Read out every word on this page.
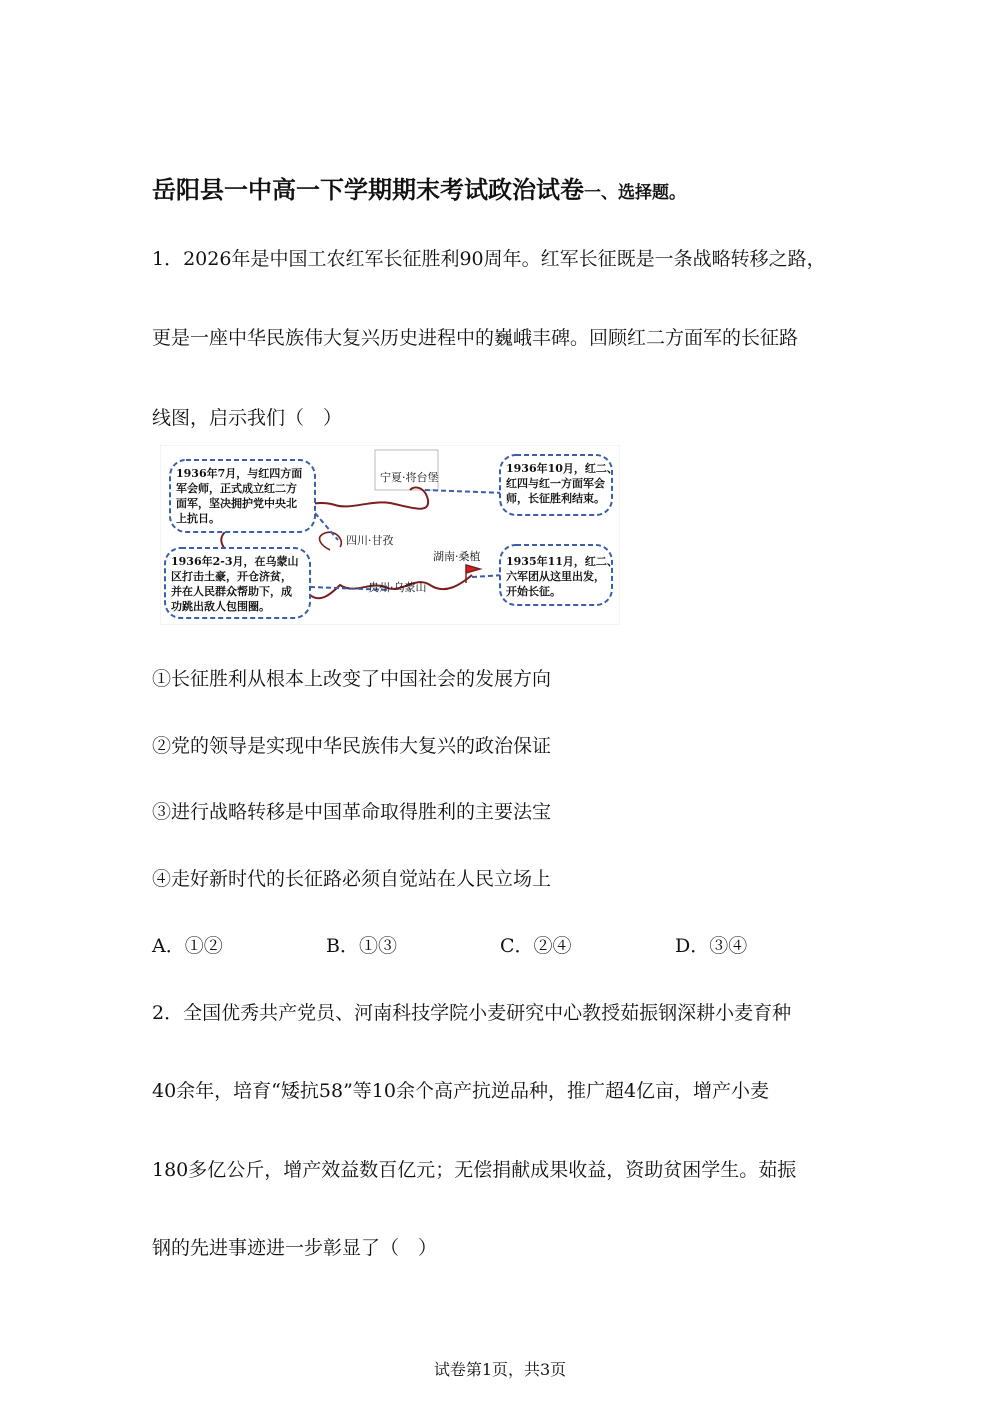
岳阳县一中高一下学期期末考试政治试卷一、选择题。
1．2026年是中国工农红军长征胜利90周年。红军长征既是一条战略转移之路，
更是一座中华民族伟大复兴历史进程中的巍峨丰碑。回顾红二方面军的长征路
线图，启示我们（　）
1936年7月，与红四方面
军会师，正式成立红二方
面军，坚决拥护党中央北
上抗日。
1936年2-3月，在乌蒙山
区打击土豪，开仓济贫，
并在人民群众帮助下，成
功跳出敌人包围圈。
1936年10月，红二、
红四与红一方面军会
师，长征胜利结束。
1935年11月，红二、
六军团从这里出发，
开始长征。
宁夏·将台堡
四川·甘孜
湖南·桑植
贵州·乌蒙山
①长征胜利从根本上改变了中国社会的发展方向
②党的领导是实现中华民族伟大复兴的政治保证
③进行战略转移是中国革命取得胜利的主要法宝
④走好新时代的长征路必须自觉站在人民立场上
A．①②	B．①③	C．②④	D．③④
2．全国优秀共产党员、河南科技学院小麦研究中心教授茹振钢深耕小麦育种
40余年，培育“矮抗58”等10余个高产抗逆品种，推广超4亿亩，增产小麦
180多亿公斤，增产效益数百亿元；无偿捐献成果收益，资助贫困学生。茹振
钢的先进事迹进一步彰显了（　）
试卷第1页，共3页
